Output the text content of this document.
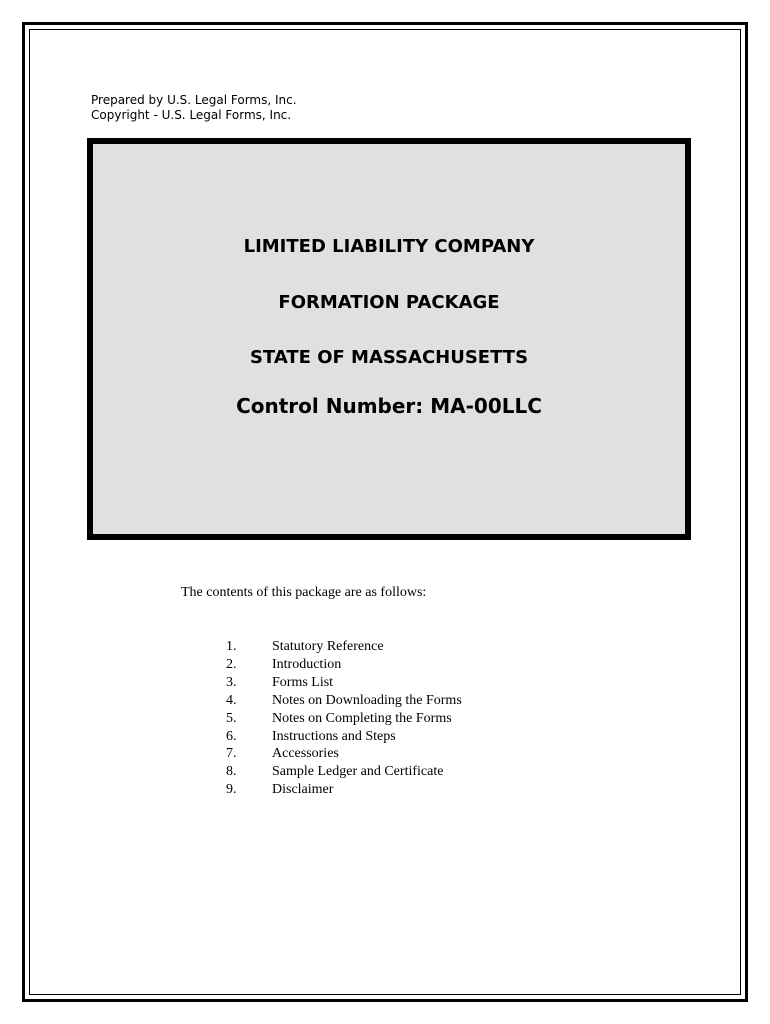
Prepared by U.S. Legal Forms, Inc.
Copyright - U.S. Legal Forms, Inc.

LIMITED LIABILITY COMPANY

FORMATION PACKAGE

STATE OF MASSACHUSETTS

Control Number: MA-00LLC

The contents of this package are as follows:
1.	Statutory Reference
2.	Introduction
3.	Forms List
4.	Notes on Downloading the Forms
5.	Notes on Completing the Forms
6.	Instructions and Steps
7.	Accessories
8.	Sample Ledger and Certificate
9.	Disclaimer
